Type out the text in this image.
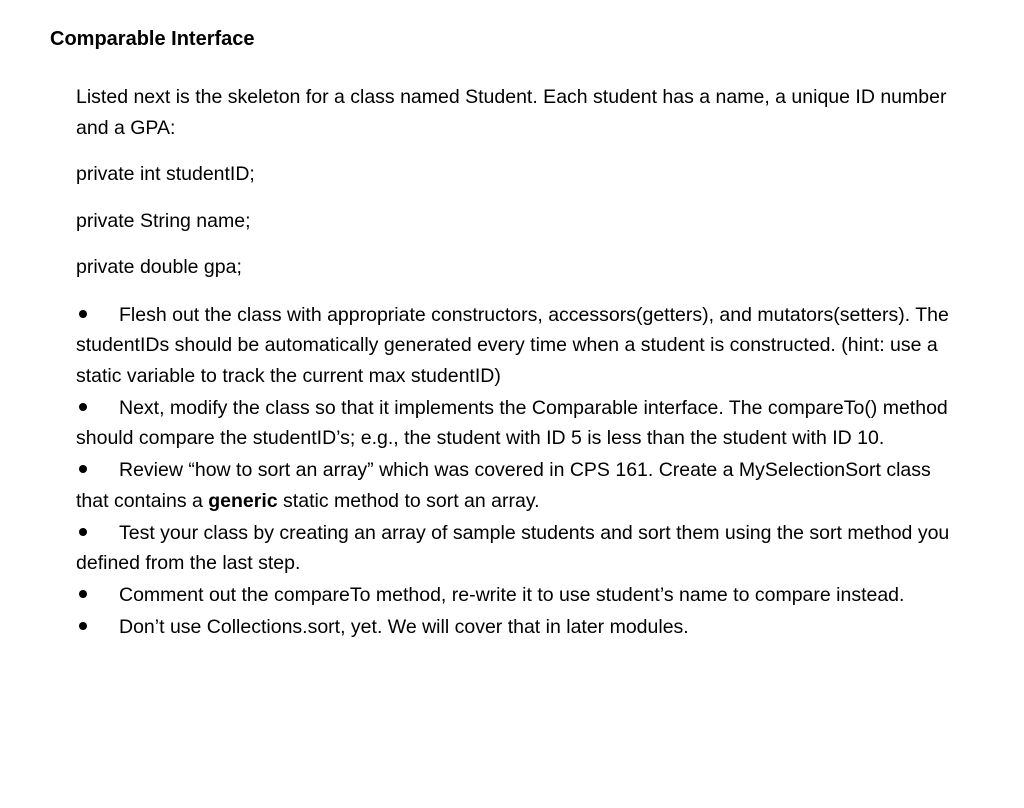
Comparable Interface

Listed next is the skeleton for a class named Student. Each student has a name, a unique ID number and a GPA:

private int studentID;

private String name;

private double gpa;

Flesh out the class with appropriate constructors, accessors(getters), and mutators(setters). The studentIDs should be automatically generated every time when a student is constructed. (hint: use a static variable to track the current max studentID)
Next, modify the class so that it implements the Comparable interface. The compareTo() method should compare the studentID’s; e.g., the student with ID 5 is less than the student with ID 10.
Review “how to sort an array” which was covered in CPS 161. Create a MySelectionSort class that contains a generic static method to sort an array.
Test your class by creating an array of sample students and sort them using the sort method you defined from the last step.
Comment out the compareTo method, re-write it to use student’s name to compare instead.
Don’t use Collections.sort, yet. We will cover that in later modules.
